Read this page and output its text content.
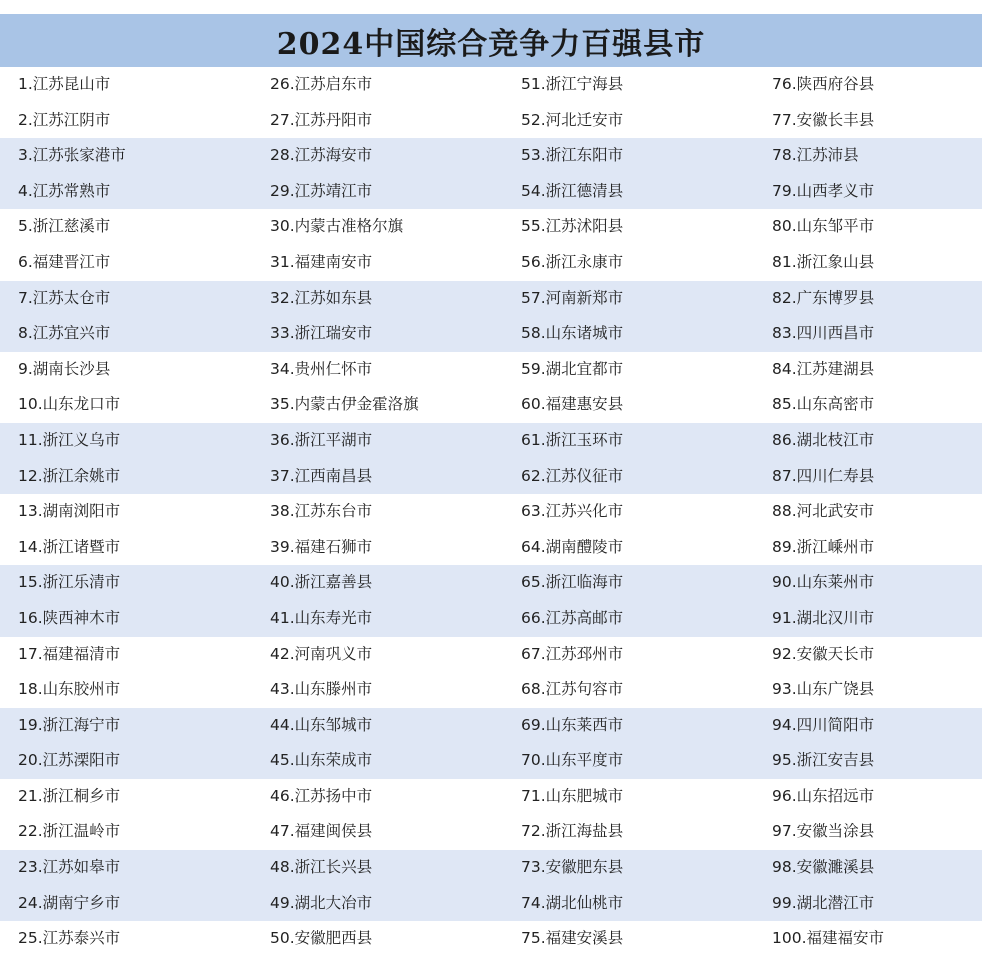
2024中国综合竞争力百强县市
1.江苏昆山市	26.江苏启东市	51.浙江宁海县	76.陕西府谷县
2.江苏江阴市	27.江苏丹阳市	52.河北迁安市	77.安徽长丰县
3.江苏张家港市	28.江苏海安市	53.浙江东阳市	78.江苏沛县
4.江苏常熟市	29.江苏靖江市	54.浙江德清县	79.山西孝义市
5.浙江慈溪市	30.内蒙古准格尔旗	55.江苏沭阳县	80.山东邹平市
6.福建晋江市	31.福建南安市	56.浙江永康市	81.浙江象山县
7.江苏太仓市	32.江苏如东县	57.河南新郑市	82.广东博罗县
8.江苏宜兴市	33.浙江瑞安市	58.山东诸城市	83.四川西昌市
9.湖南长沙县	34.贵州仁怀市	59.湖北宜都市	84.江苏建湖县
10.山东龙口市	35.内蒙古伊金霍洛旗	60.福建惠安县	85.山东高密市
11.浙江义乌市	36.浙江平湖市	61.浙江玉环市	86.湖北枝江市
12.浙江余姚市	37.江西南昌县	62.江苏仪征市	87.四川仁寿县
13.湖南浏阳市	38.江苏东台市	63.江苏兴化市	88.河北武安市
14.浙江诸暨市	39.福建石狮市	64.湖南醴陵市	89.浙江嵊州市
15.浙江乐清市	40.浙江嘉善县	65.浙江临海市	90.山东莱州市
16.陕西神木市	41.山东寿光市	66.江苏高邮市	91.湖北汉川市
17.福建福清市	42.河南巩义市	67.江苏邳州市	92.安徽天长市
18.山东胶州市	43.山东滕州市	68.江苏句容市	93.山东广饶县
19.浙江海宁市	44.山东邹城市	69.山东莱西市	94.四川简阳市
20.江苏溧阳市	45.山东荣成市	70.山东平度市	95.浙江安吉县
21.浙江桐乡市	46.江苏扬中市	71.山东肥城市	96.山东招远市
22.浙江温岭市	47.福建闽侯县	72.浙江海盐县	97.安徽当涂县
23.江苏如皋市	48.浙江长兴县	73.安徽肥东县	98.安徽濉溪县
24.湖南宁乡市	49.湖北大冶市	74.湖北仙桃市	99.湖北潜江市
25.江苏泰兴市	50.安徽肥西县	75.福建安溪县	100.福建福安市
